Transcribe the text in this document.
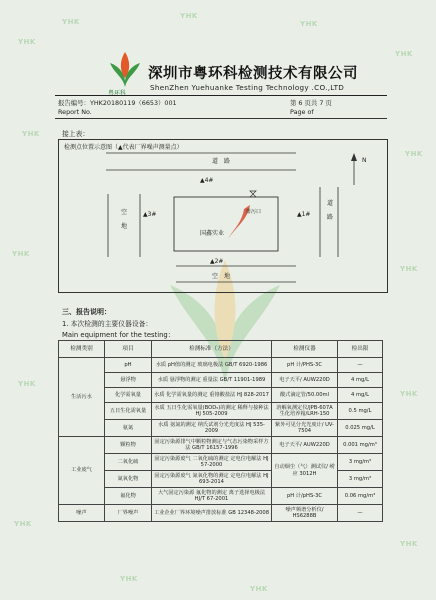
YHK
YHK
YHK
YHK
YHK
YHK
YHK
YHK
YHK
YHK
YHK
YHK
YHK
YHK
YHK
粤环科
深圳市粤环科检测技术有限公司
ShenZhen Yuehuanke Testing Technology .CO.,LTD
报告编号：YHK20180119（6653）001
Report No.
第 6 页共 7 页
Page of
接上表：
检测点位置示意图（▲代表厂界噪声测量点）
道　路	N
▲4#
空地
▲3#	排污口
国鑫实业
▲1#
道路
▲2#
空　地
三、报告说明：
1. 本次检测的主要仪器设备：
Main equipment for the testing：
检测类别	项目	检测标准（方法）	检测仪器	检出限
生活污水	pH	水质 pH值的测定 玻璃电极法 GB/T 6920-1986	pH 计/PHS-3C	—
	悬浮物	水质 悬浮物的测定 重量法 GB/T 11901-1989	电子天平/ AUW220D	4 mg/L
	化学需氧量	水质 化学需氧量的测定 重铬酸盐法 HJ 828-2017	酸式滴定管/50.00ml	4 mg/L
	五日生化需氧量	水质 五日生化需氧量(BOD₅)的测定 稀释与接种法 HJ 505-2009	溶解氧测定仪/JPB-607A 生化培养箱/LRH-150	0.5 mg/L
	氨氮	水质 氨氮的测定 纳氏试剂分光光度法 HJ 535-2009	紫外可见分光光度计/ UV-7504	0.025 mg/L
工业废气	颗粒物	固定污染源排气中颗粒物测定与气态污染物采样方法 GB/T 16157-1996	电子天平/ AUW220D	0.001 mg/m³
	二氧化硫	固定污染源废气 二氧化硫的测定 定电位电解法 HJ 57-2000	自动烟尘（气）测试仪/ 崂应 3012H	3 mg/m³
	氮氧化物	固定污染源废气 氮氧化物的测定 定电位电解法 HJ 693-2014		3 mg/m³
	氟化物	大气固定污染源 氟化物的测定 离子选择电极法 HJ/T 67-2001	pH 计/pHS-3C	0.06 mg/m³
噪声	厂界噪声	工业企业厂界环境噪声排放标准 GB 12348-2008	噪声频谱分析仪/ HS6288B	—
